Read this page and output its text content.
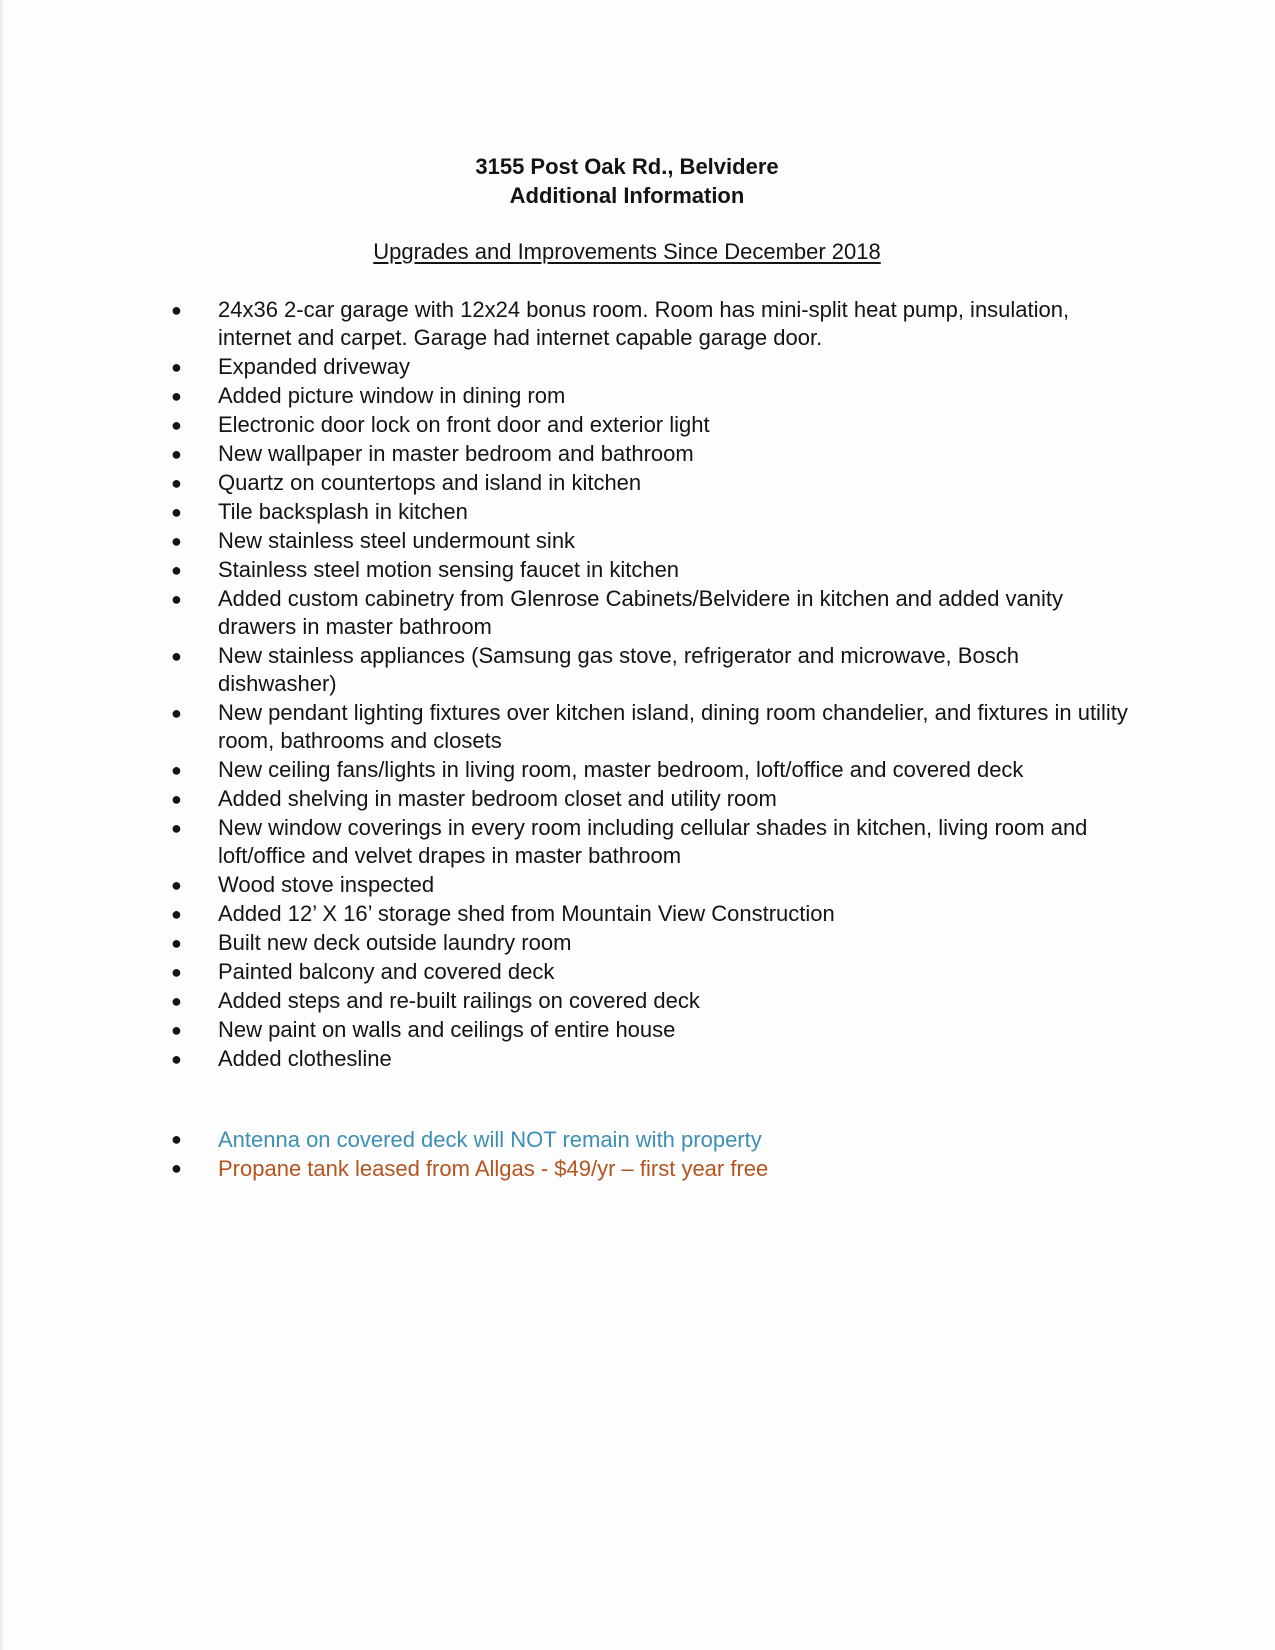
3155 Post Oak Rd., Belvidere

Additional Information

Upgrades and Improvements Since December 2018
● 24x36 2-car garage with 12x24 bonus room. Room has mini-split heat pump, insulation, internet and carpet. Garage had internet capable garage door.
● Expanded driveway
● Added picture window in dining rom
● Electronic door lock on front door and exterior light
● New wallpaper in master bedroom and bathroom
● Quartz on countertops and island in kitchen
● Tile backsplash in kitchen
● New stainless steel undermount sink
● Stainless steel motion sensing faucet in kitchen
● Added custom cabinetry from Glenrose Cabinets/Belvidere in kitchen and added vanity drawers in master bathroom
● New stainless appliances (Samsung gas stove, refrigerator and microwave, Bosch dishwasher)
● New pendant lighting fixtures over kitchen island, dining room chandelier, and fixtures in utility room, bathrooms and closets
● New ceiling fans/lights in living room, master bedroom, loft/office and covered deck
● Added shelving in master bedroom closet and utility room
● New window coverings in every room including cellular shades in kitchen, living room and loft/office and velvet drapes in master bathroom
● Wood stove inspected
● Added 12’ X 16’ storage shed from Mountain View Construction
● Built new deck outside laundry room
● Painted balcony and covered deck
● Added steps and re-built railings on covered deck
● New paint on walls and ceilings of entire house
● Added clothesline
● Antenna on covered deck will NOT remain with property
● Propane tank leased from Allgas - $49/yr – first year free
